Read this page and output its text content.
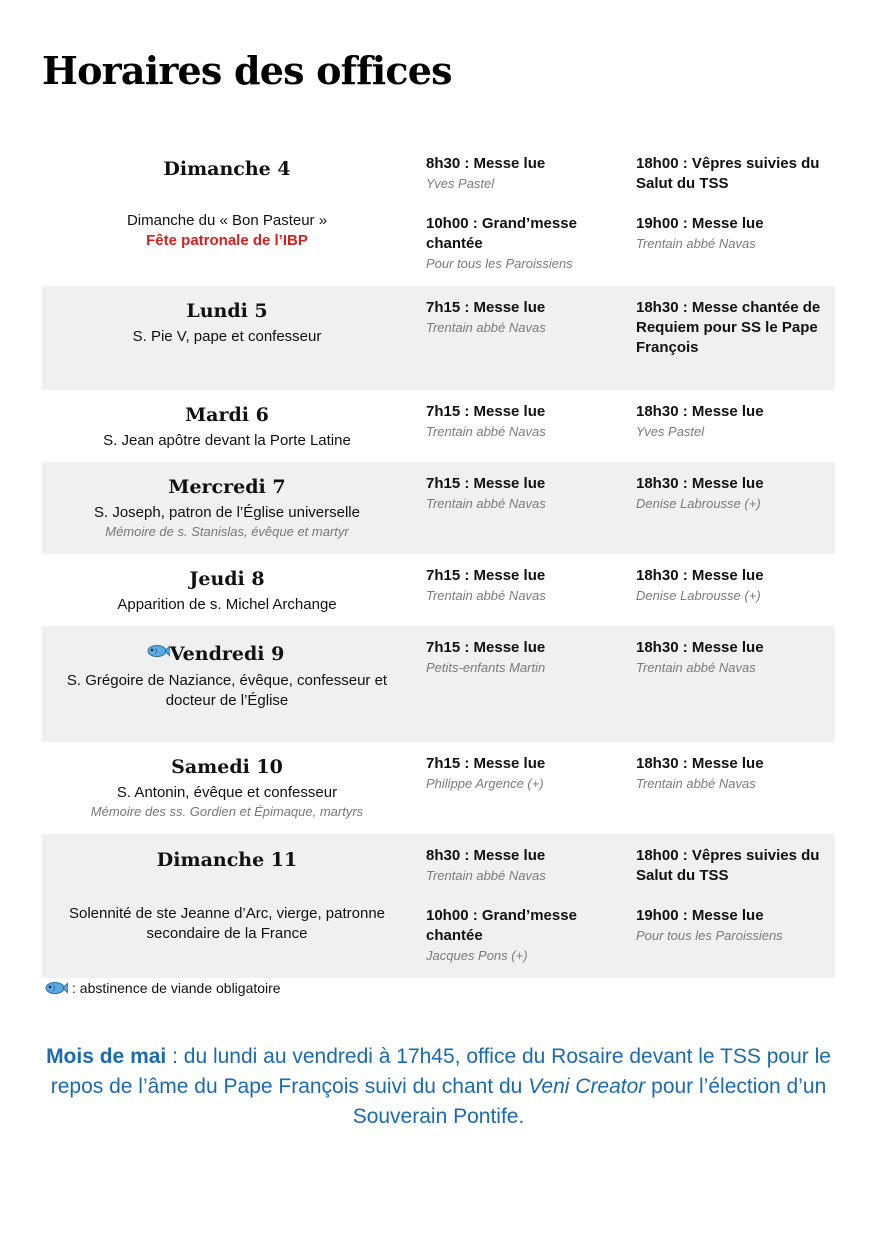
Horaires des offices
Dimanche 4
Dimanche du « Bon Pasteur »
Fête patronale de l’IBP
8h30 : Messe lue
Yves Pastel
10h00 : Grand’messe chantée
Pour tous les Paroissiens
18h00 : Vêpres suivies du Salut du TSS
19h00 : Messe lue
Trentain abbé Navas
Lundi 5
S. Pie V, pape et confesseur
7h15 : Messe lue
Trentain abbé Navas
18h30 : Messe chantée de Requiem pour SS le Pape François
Mardi 6
S. Jean apôtre devant la Porte Latine
7h15 : Messe lue
Trentain abbé Navas
18h30 : Messe lue
Yves Pastel
Mercredi 7
S. Joseph, patron de l’Église universelle
Mémoire de s. Stanislas, évêque et martyr
7h15 : Messe lue
Trentain abbé Navas
18h30 : Messe lue
Denise Labrousse (+)
Jeudi 8
Apparition de s. Michel Archange
7h15 : Messe lue
Trentain abbé Navas
18h30 : Messe lue
Denise Labrousse (+)
Vendredi 9
S. Grégoire de Naziance, évêque, confesseur et docteur de l’Église
7h15 : Messe lue
Petits-enfants Martin
18h30 : Messe lue
Trentain abbé Navas
Samedi 10
S. Antonin, évêque et confesseur
Mémoire des ss. Gordien et Épimaque, martyrs
7h15 : Messe lue
Philippe Argence (+)
18h30 : Messe lue
Trentain abbé Navas
Dimanche 11
Solennité de ste Jeanne d’Arc, vierge, patronne secondaire de la France
8h30 : Messe lue
Trentain abbé Navas
10h00 : Grand’messe chantée
Jacques Pons (+)
18h00 : Vêpres suivies du Salut du TSS
19h00 : Messe lue
Pour tous les Paroissiens
: abstinence de viande obligatoire
Mois de mai : du lundi au vendredi à 17h45, office du Rosaire devant le TSS pour le repos de l’âme du Pape François suivi du chant du Veni Creator pour l’élection d’un Souverain Pontife.
